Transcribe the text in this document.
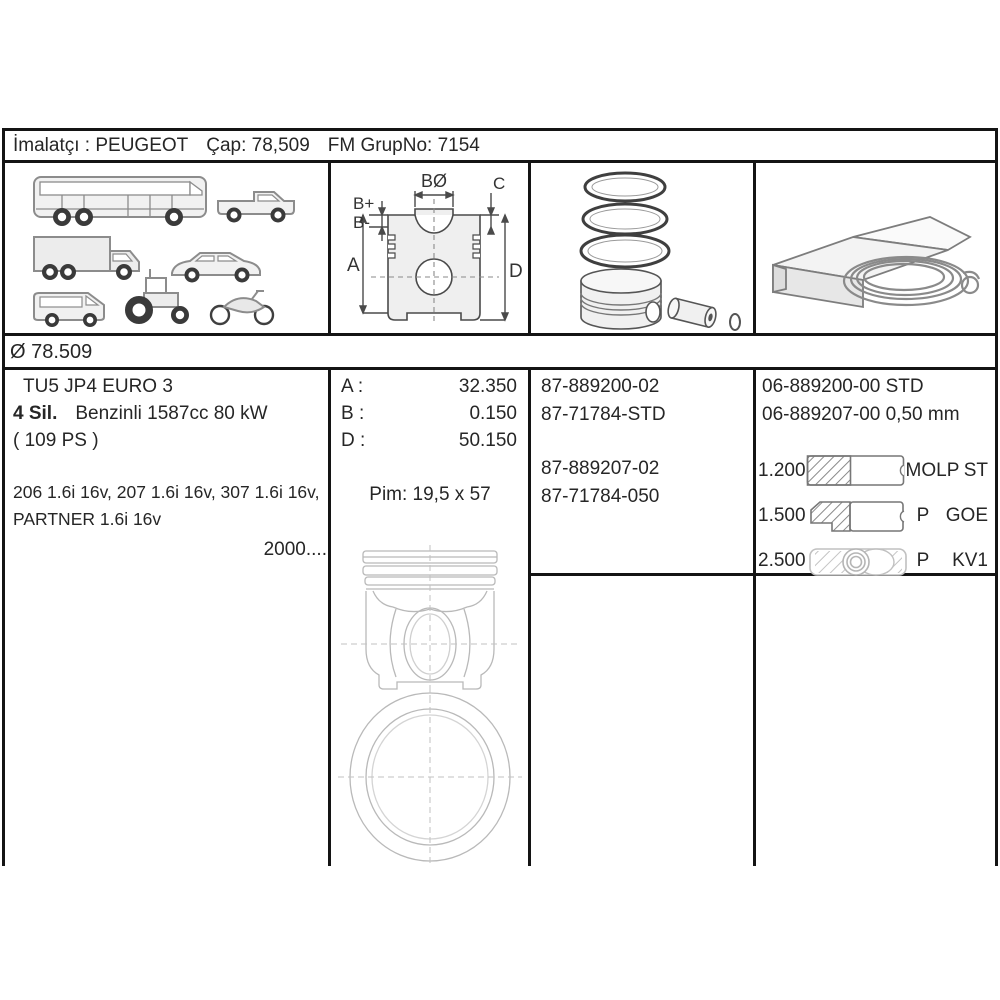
İmalatçı : PEUGEOT Çap: 78,509 FM GrupNo: 7154
B+
B-
BØ	C
A	D
Ø 78.509
TU5 JP4 EURO 3
4 Sil. Benzinli 1587cc 80 kW
( 109 PS )
206 1.6i 16v, 207 1.6i 16v, 307 1.6i 16v, PARTNER 1.6i 16v
2000....
A :	32.350
B :	0.150
D :	50.150
Pim: 19,5 x 57
87-889200-02
87-71784-STD
87-889207-02
87-71784-050
06-889200-00 STD
06-889207-00 0,50 mm
1.200	MOLP ST
1.500	P GOE
2.500	P	KV1
